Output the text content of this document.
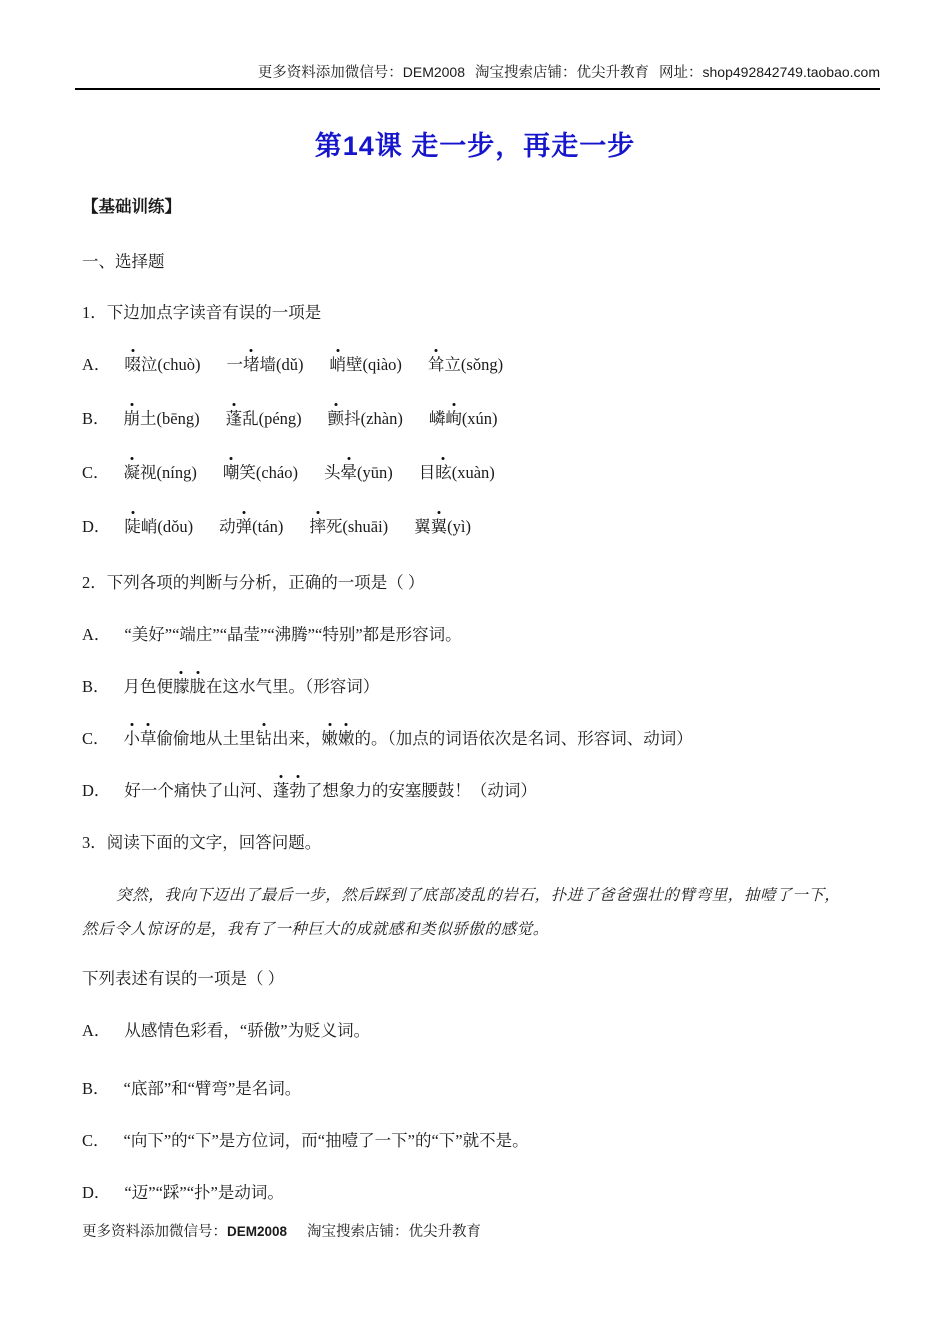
更多资料添加微信号：DEM2008 淘宝搜索店铺：优尖升教育 网址：shop492842749.taobao.com
第14课 走一步，再走一步
【基础训练】
一、选择题
1．下边加点字读音有误的一项是
A． 啜泣(chuò) 一堵墙(dǔ) 峭壁(qiào) 耸立(sǒng)
B． 崩土(bēng) 蓬乱(péng) 颤抖(zhàn) 嶙峋(xún)
C． 凝视(níng) 嘲笑(cháo) 头晕(yūn) 目眩(xuàn)
D． 陡峭(dǒu) 动弹(tán) 摔死(shuāi) 翼翼(yì)
2．下列各项的判断与分析，正确的一项是（ ）
A． “美好”“端庄”“晶莹”“沸腾”“特别”都是形容词。
B． 月色便朦胧在这水气里。（形容词）
C． 小草偷偷地从土里钻出来，嫩嫩的。（加点的词语依次是名词、形容词、动词）
D． 好一个痛快了山河、蓬勃了想象力的安塞腰鼓！（动词）
3．阅读下面的文字，回答问题。
突然，我向下迈出了最后一步，然后踩到了底部凌乱的岩石，扑进了爸爸强壮的臂弯里，抽噎了一下，
然后令人惊讶的是，我有了一种巨大的成就感和类似骄傲的感觉。
下列表述有误的一项是（ ）
A． 从感情色彩看，“骄傲”为贬义词。
B． “底部”和“臂弯”是名词。
C． “向下”的“下”是方位词，而“抽噎了一下”的“下”就不是。
D． “迈”“踩”“扑”是动词。
更多资料添加微信号：DEM2008 淘宝搜索店铺：优尖升教育
